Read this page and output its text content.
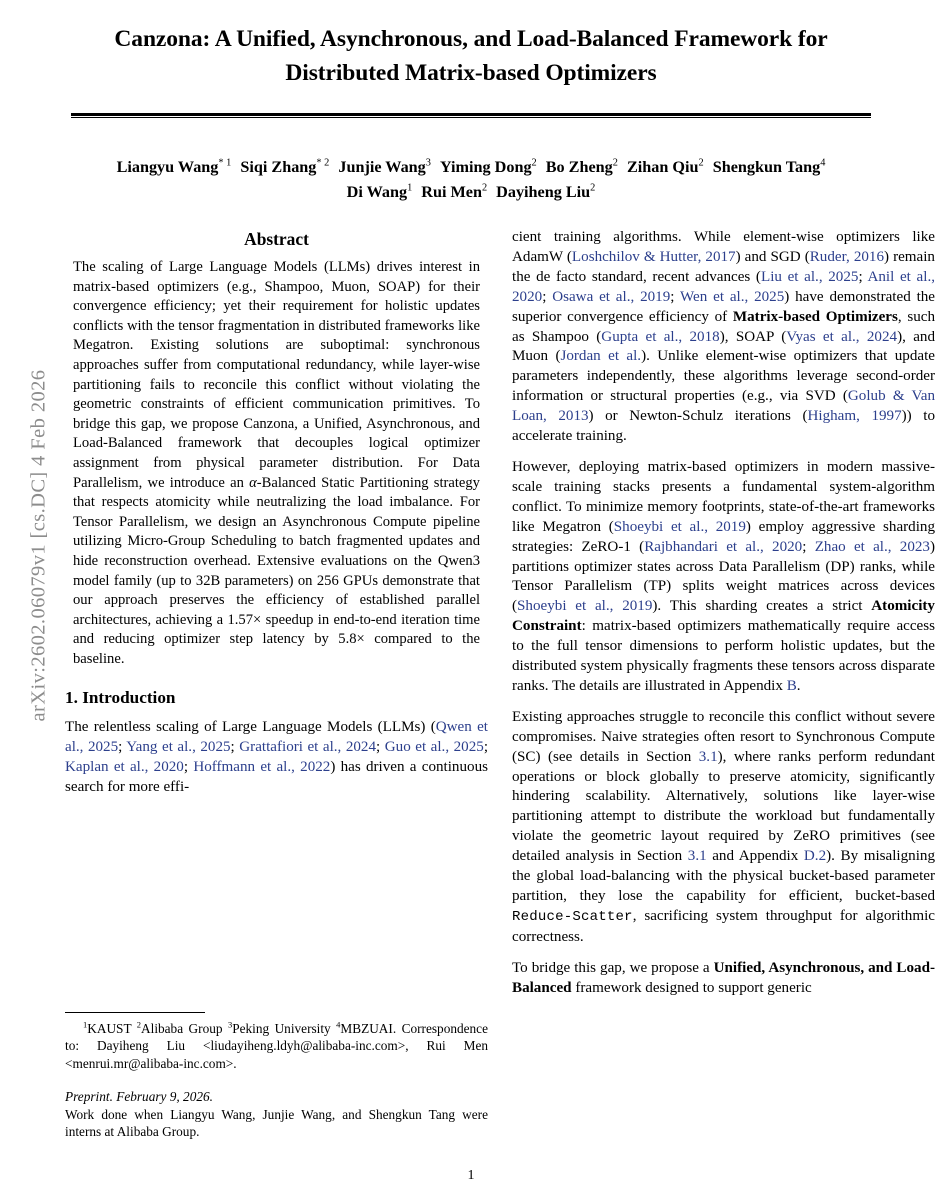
arXiv:2602.06079v1 [cs.DC] 4 Feb 2026
Canzona: A Unified, Asynchronous, and Load-Balanced Framework for Distributed Matrix-based Optimizers
Liangyu Wang$^{* 1}$ Siqi Zhang$^{* 2}$ Junjie Wang$^3$ Yiming Dong$^2$ Bo Zheng$^2$ Zihan Qiu$^2$ Shengkun Tang$^4$
Di Wang$^1$ Rui Men$^2$ Dayiheng Liu$^2$
Abstract

The scaling of Large Language Models (LLMs) drives interest in matrix-based optimizers (e.g., Shampoo, Muon, SOAP) for their convergence efficiency; yet their requirement for holistic updates conflicts with the tensor fragmentation in distributed frameworks like Megatron. Existing solutions are suboptimal: synchronous approaches suffer from computational redundancy, while layer-wise partitioning fails to reconcile this conflict without violating the geometric constraints of efficient communication primitives. To bridge this gap, we propose Canzona, a Unified, Asynchronous, and Load-Balanced framework that decouples logical optimizer assignment from physical parameter distribution. For Data Parallelism, we introduce an α-Balanced Static Partitioning strategy that respects atomicity while neutralizing the load imbalance. For Tensor Parallelism, we design an Asynchronous Compute pipeline utilizing Micro-Group Scheduling to batch fragmented updates and hide reconstruction overhead. Extensive evaluations on the Qwen3 model family (up to 32B parameters) on 256 GPUs demonstrate that our approach preserves the efficiency of established parallel architectures, achieving a 1.57× speedup in end-to-end iteration time and reducing optimizer step latency by 5.8× compared to the baseline.

1. Introduction

The relentless scaling of Large Language Models (LLMs) (Qwen et al., 2025; Yang et al., 2025; Grattafiori et al., 2024; Guo et al., 2025; Kaplan et al., 2020; Hoffmann et al., 2022) has driven a continuous search for more effi-

cient training algorithms. While element-wise optimizers like AdamW (Loshchilov & Hutter, 2017) and SGD (Ruder, 2016) remain the de facto standard, recent advances (Liu et al., 2025; Anil et al., 2020; Osawa et al., 2019; Wen et al., 2025) have demonstrated the superior convergence efficiency of Matrix-based Optimizers, such as Shampoo (Gupta et al., 2018), SOAP (Vyas et al., 2024), and Muon (Jordan et al.). Unlike element-wise optimizers that update parameters independently, these algorithms leverage second-order information or structural properties (e.g., via SVD (Golub & Van Loan, 2013) or Newton-Schulz iterations (Higham, 1997)) to accelerate training.

However, deploying matrix-based optimizers in modern massive-scale training stacks presents a fundamental system-algorithm conflict. To minimize memory footprints, state-of-the-art frameworks like Megatron (Shoeybi et al., 2019) employ aggressive sharding strategies: ZeRO-1 (Rajbhandari et al., 2020; Zhao et al., 2023) partitions optimizer states across Data Parallelism (DP) ranks, while Tensor Parallelism (TP) splits weight matrices across devices (Shoeybi et al., 2019). This sharding creates a strict Atomicity Constraint: matrix-based optimizers mathematically require access to the full tensor dimensions to perform holistic updates, but the distributed system physically fragments these tensors across disparate ranks. The details are illustrated in Appendix B.

Existing approaches struggle to reconcile this conflict without severe compromises. Naive strategies often resort to Synchronous Compute (SC) (see details in Section 3.1), where ranks perform redundant operations or block globally to preserve atomicity, significantly hindering scalability. Alternatively, solutions like layer-wise partitioning attempt to distribute the workload but fundamentally violate the geometric layout required by ZeRO primitives (see detailed analysis in Section 3.1 and Appendix D.2). By misaligning the global load-balancing with the physical bucket-based parameter partition, they lose the capability for efficient, bucket-based Reduce-Scatter, sacrificing system throughput for algorithmic correctness.

To bridge this gap, we propose a Unified, Asynchronous, and Load-Balanced framework designed to support generic

$^1$KAUST $^2$Alibaba Group $^3$Peking University $^4$MBZUAI. Correspondence to: Dayiheng Liu <liudayiheng.ldyh@alibaba-inc.com>, Rui Men <menrui.mr@alibaba-inc.com>.

Preprint. February 9, 2026.

Work done when Liangyu Wang, Junjie Wang, and Shengkun Tang were interns at Alibaba Group.

1
